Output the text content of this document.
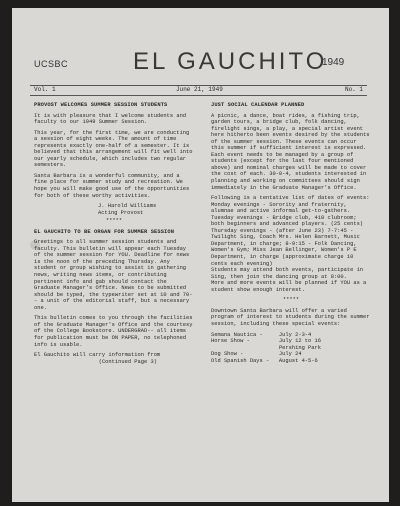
UCSBC	EL GAUCHITO
1949
Vol. 1	June 21, 1949	No. 1
PROVOST WELCOMES SUMMER SESSION STUDENTS
It is with pleasure that I welcome students and faculty to our 1949 Summer Session.
This year, for the first time, we are conducting a session of eight weeks. The amount of time represents exactly one-half of a semester. It is believed that this arrangement will fit well into our yearly schedule, which includes two regular semesters.
Santa Barbara is a wonderful community, and a fine place for summer study and recreation. We hope you will make good use of the opportunities for both of these worthy activities.
J. Harold Williams
Acting Provost
*****
EL GAUCHITO TO BE ORGAN FOR SUMMER SESSION
Greetings to all summer session students and faculty. This bulletin will appear each Tuesday of the summer session for YOU. Deadline for news is the noon of the preceding Thursday. Any student or group wishing to assist in gathering news, writing news items, or contributing pertinent info and gab should contact the Graduate Manager's Office. News to be submitted should be typed, the typewriter set at 10 and 70-- a unit of the editorial staff, but a necessary one.
This bulletin comes to you through the facilities of the Graduate Manager's Office and the courtesy of the College Bookstore. UNDERGRAD-- all items for publication must be ON PAPER, no telephoned info is usable.
El Gauchito will carry information from
(Continued Page 3)
JUST SOCIAL CALENDAR PLANNED
A picnic, a dance, boat rides, a fishing trip, garden tours, a bridge club, folk dancing, firelight sings, a play, a special artist event here hitherto been events desired by the students of the summer session. These events can occur this summer if sufficient interest is expressed. Each event needs to be managed by a group of students (except for the last four mentioned above) and nominal charges will be made to cover the cost of each. 30-0-4, students interested in planning and working on committees should sign immediately in the Graduate Manager's Office.
Following is a tentative list of dates of events:
Monday evenings - Sorority and fraternity, alumnae and active informal get-to-gathers.
Tuesday evenings - Bridge club, 418 clubroom; both beginners and advanced players. (25 cents)
Thursday evenings - (after June 23) 7-7:45 - Twilight Sing, Coach Mrs. Helen Barnett, Music Department, in charge; 8-9:15 - Folk Dancing, Women's Gym; Miss Jean Bellinger, Women's P E Department, in charge (approximate charge 10 cents each evening)
Students may attend both events, participate in Sing, then join the dancing group at 8:00.
More and more events will be planned if YOU as a student show enough interest.
*****
Downtown Santa Barbara will offer a varied program of interest to students during the summer session, including these special events:
Semana Nautica -     July 2-3-4
Horse Show -         July 12 to 16
Pershing Park
Dog Show -           July 24
Old Spanish Days -   August 4-5-6
